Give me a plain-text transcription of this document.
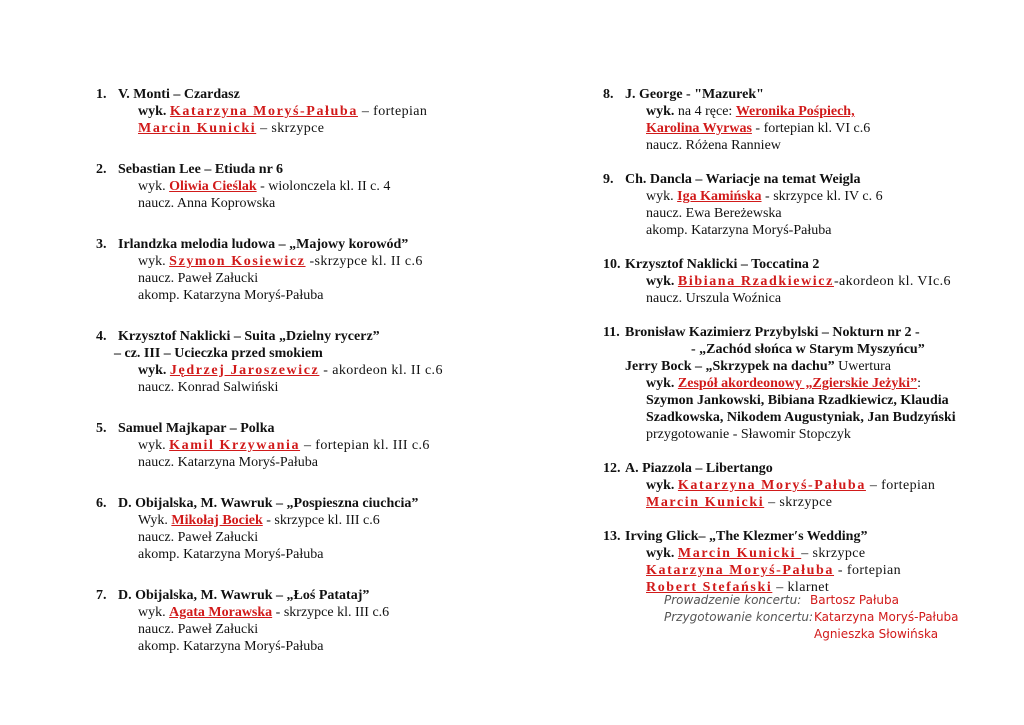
1. V. Monti – Czardasz
wyk. Katarzyna Moryś-Pałuba – fortepian
Marcin Kunicki – skrzypce
2. Sebastian Lee – Etiuda nr 6
wyk. Oliwia Cieślak - wiolonczela kl. II c. 4
naucz. Anna Koprowska
3. Irlandzka melodia ludowa – „Majowy korowód”
wyk. Szymon Kosiewicz -skrzypce kl. II c.6
naucz. Paweł Załucki
akomp. Katarzyna Moryś-Pałuba
4. Krzysztof Naklicki – Suita „Dzielny rycerz”
– cz. III – Ucieczka przed smokiem
wyk. Jędrzej Jaroszewicz - akordeon kl. II c.6
naucz. Konrad Salwiński
5. Samuel Majkapar – Polka
wyk. Kamil Krzywania – fortepian kl. III c.6
naucz. Katarzyna Moryś-Pałuba
6. D. Obijalska, M. Wawruk – „Pospieszna ciuchcia”
Wyk. Mikołaj Bociek - skrzypce kl. III c.6
naucz. Paweł Załucki
akomp. Katarzyna Moryś-Pałuba
7. D. Obijalska, M. Wawruk – „Łoś Patataj”
wyk. Agata Morawska - skrzypce kl. III c.6
naucz. Paweł Załucki
akomp. Katarzyna Moryś-Pałuba
8. J. George - "Mazurek"
wyk. na 4 ręce: Weronika Pośpiech,
Karolina Wyrwas - fortepian kl. VI c.6
naucz. Różena Ranniew
9. Ch. Dancla – Wariacje na temat Weigla
wyk. Iga Kamińska - skrzypce kl. IV c. 6
naucz. Ewa Bereżewska
akomp. Katarzyna Moryś-Pałuba
10. Krzysztof Naklicki – Toccatina 2
wyk. Bibiana Rzadkiewicz-akordeon kl. VIc.6
naucz. Urszula Woźnica
11. Bronisław Kazimierz Przybylski – Nokturn nr 2 -
- „Zachód słońca w Starym Myszyńcu”
Jerry Bock – „Skrzypek na dachu” Uwertura
wyk. Zespół akordeonowy „Zgierskie Jeżyki”:
Szymon Jankowski, Bibiana Rzadkiewicz, Klaudia
Szadkowska, Nikodem Augustyniak, Jan Budzyński
przygotowanie - Sławomir Stopczyk
12. A. Piazzola – Libertango
wyk. Katarzyna Moryś-Pałuba – fortepian
Marcin Kunicki – skrzypce
13. Irving Glick– „The Klezmer′s Wedding”
wyk. Marcin Kunicki – skrzypce
Katarzyna Moryś-Pałuba - fortepian
Robert Stefański – klarnet
Prowadzenie koncertu: Bartosz Pałuba
Przygotowanie koncertu: Katarzyna Moryś-Pałuba
Agnieszka Słowińska
